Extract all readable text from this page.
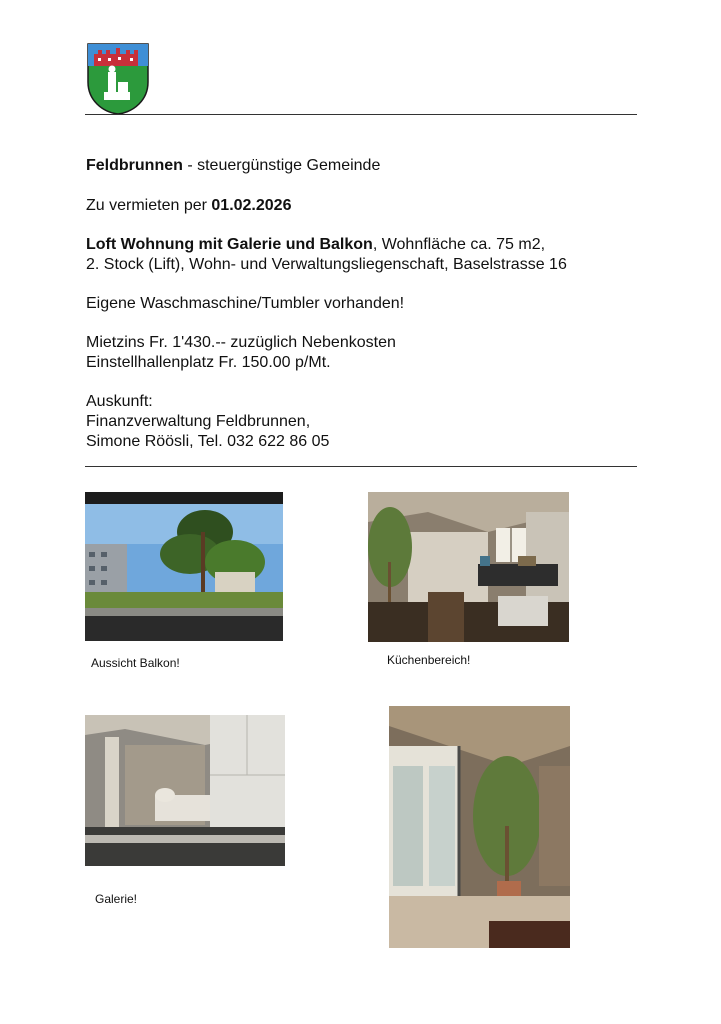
Feldbrunnen - steuergünstige Gemeinde
Zu vermieten per 01.02.2026
Loft Wohnung mit Galerie und Balkon, Wohnfläche ca. 75 m2,
2. Stock (Lift), Wohn- und Verwaltungsliegenschaft, Baselstrasse 16
Eigene Waschmaschine/Tumbler vorhanden!
Mietzins Fr. 1'430.-- zuzüglich Nebenkosten
Einstellhallenplatz Fr. 150.00 p/Mt.
Auskunft:
Finanzverwaltung Feldbrunnen,
Simone Röösli, Tel. 032 622 86 05
Aussicht Balkon!	Küchenbereich!
Galerie!
